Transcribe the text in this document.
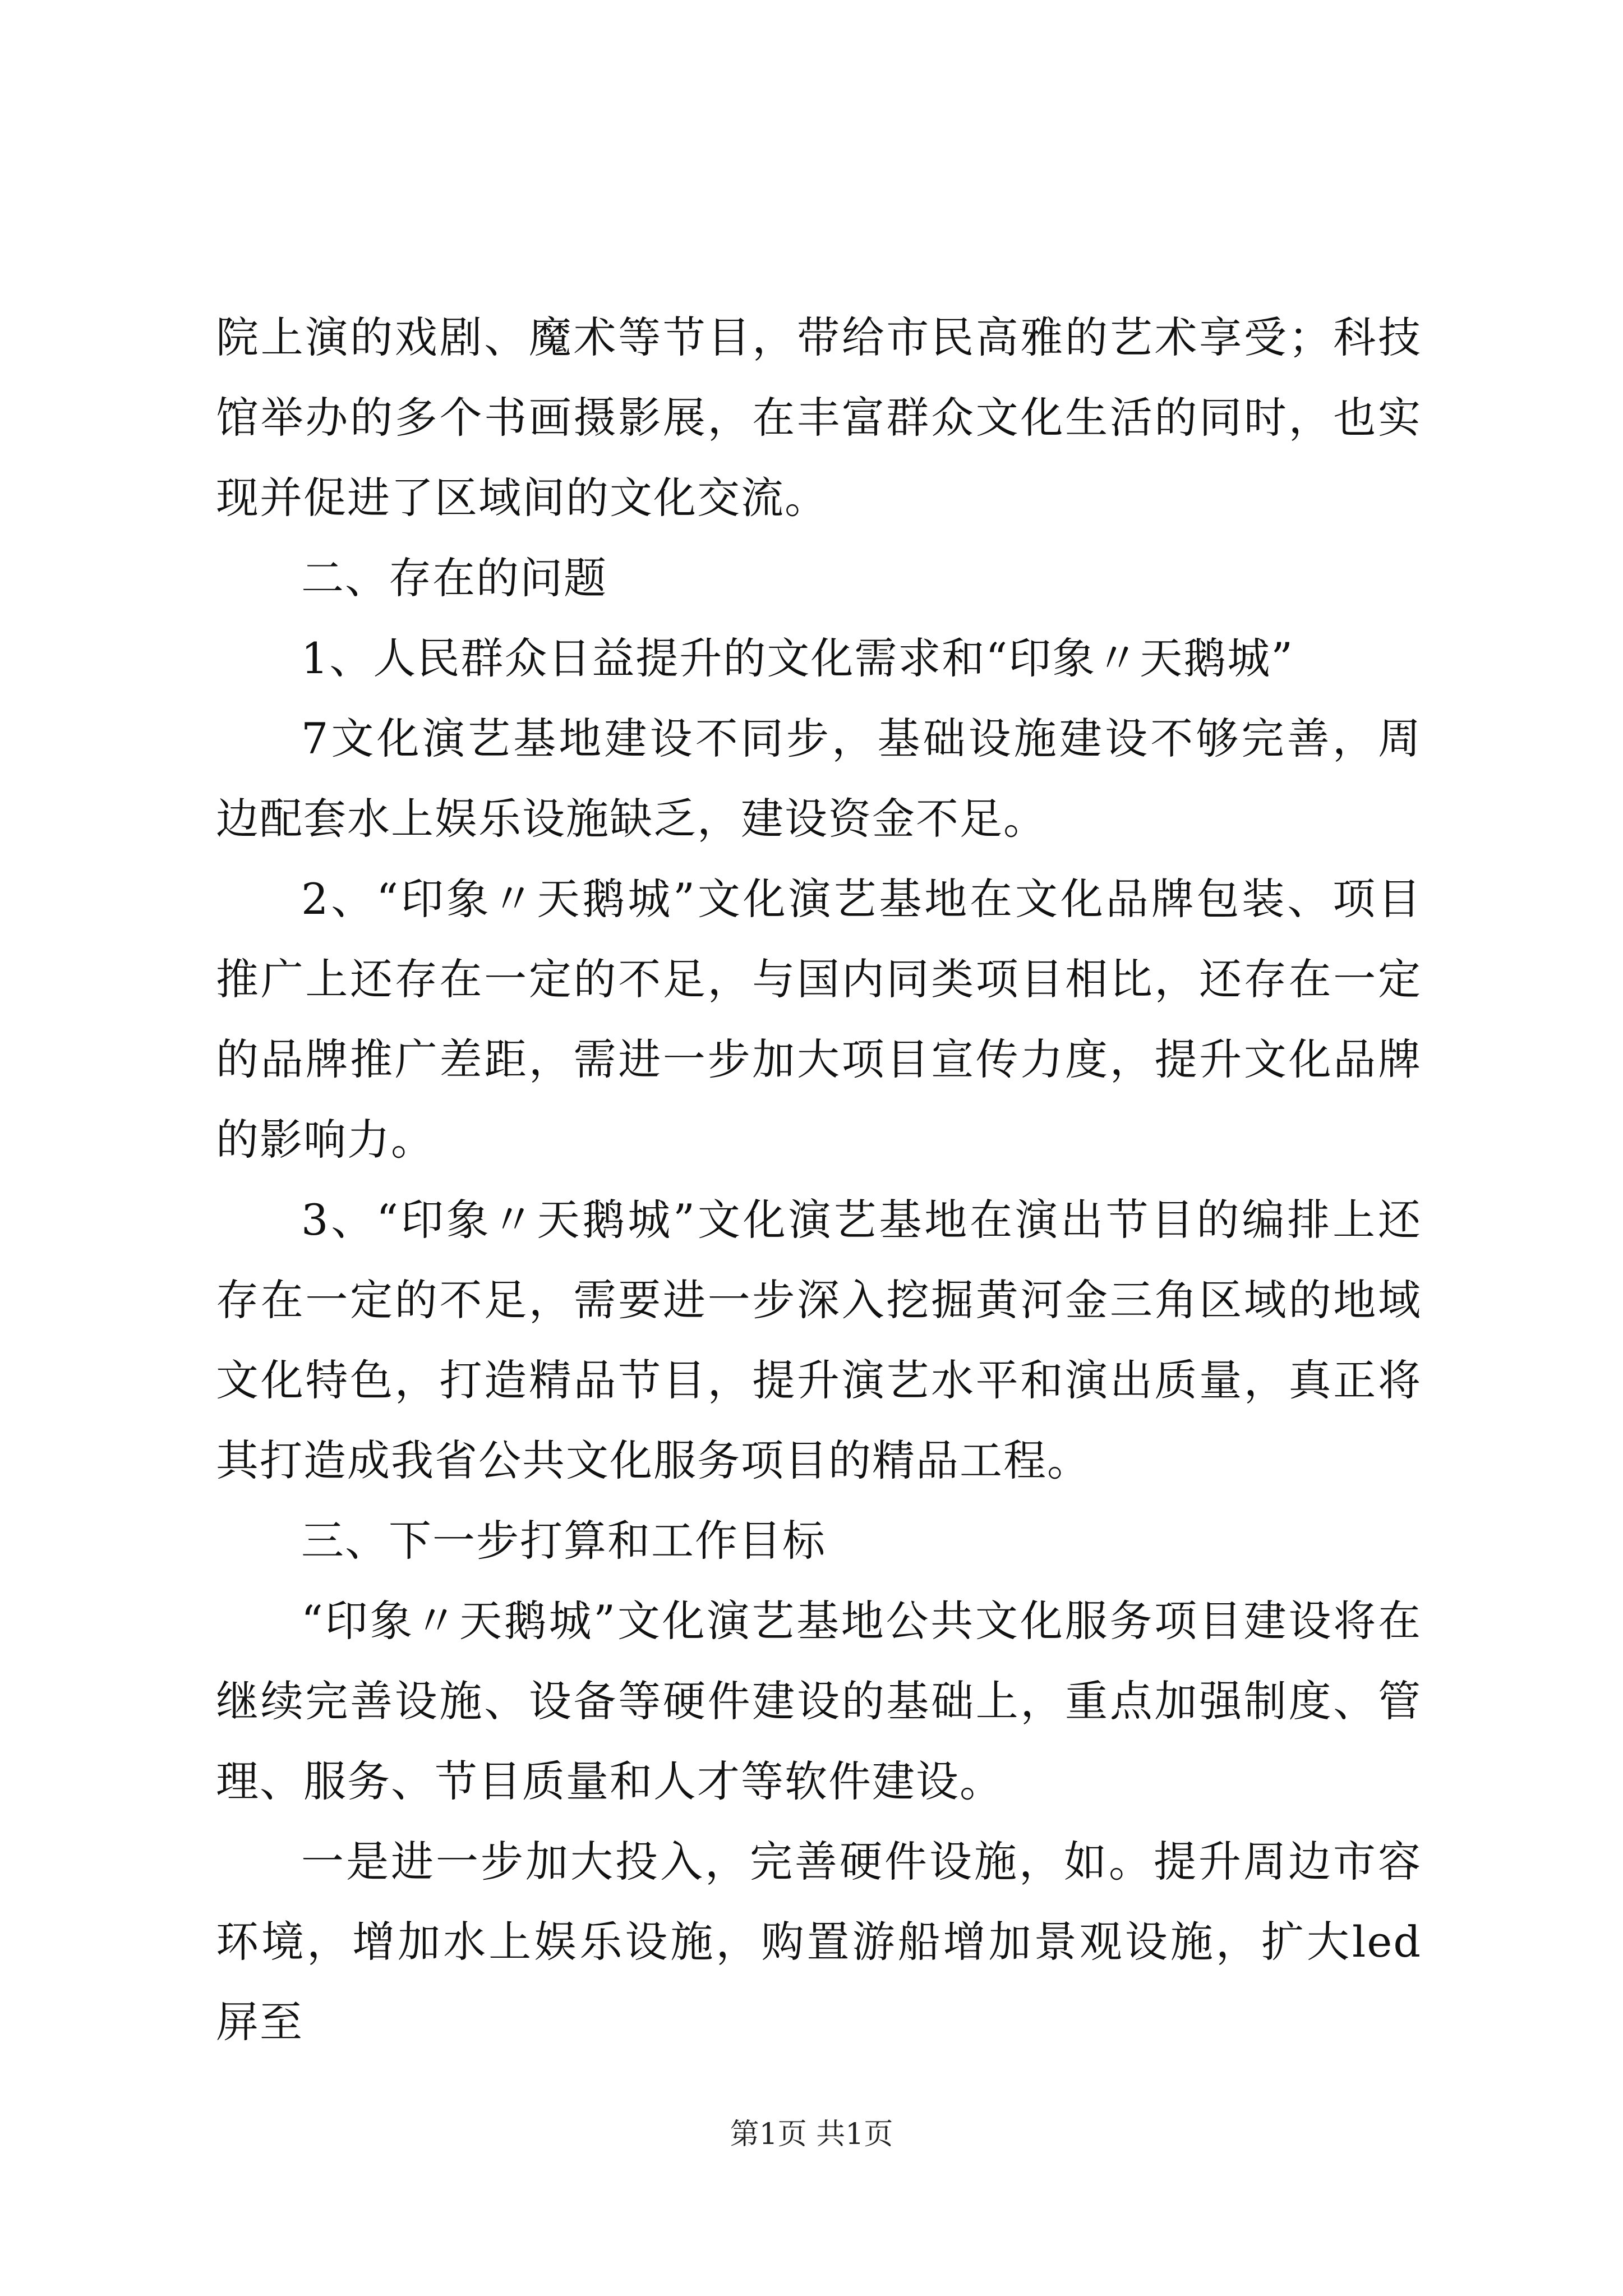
院上演的戏剧、魔术等节目，带给市民高雅的艺术享受；科技馆举办的多个书画摄影展，在丰富群众文化生活的同时，也实现并促进了区域间的文化交流。

二、存在的问题

1、人民群众日益提升的文化需求和“印象〃天鹅城”

7文化演艺基地建设不同步，基础设施建设不够完善，周边配套水上娱乐设施缺乏，建设资金不足。

2、“印象〃天鹅城”文化演艺基地在文化品牌包装、项目推广上还存在一定的不足，与国内同类项目相比，还存在一定的品牌推广差距，需进一步加大项目宣传力度，提升文化品牌的影响力。

3、“印象〃天鹅城”文化演艺基地在演出节目的编排上还存在一定的不足，需要进一步深入挖掘黄河金三角区域的地域文化特色，打造精品节目，提升演艺水平和演出质量，真正将其打造成我省公共文化服务项目的精品工程。

三、下一步打算和工作目标

“印象〃天鹅城”文化演艺基地公共文化服务项目建设将在继续完善设施、设备等硬件建设的基础上，重点加强制度、管理、服务、节目质量和人才等软件建设。

一是进一步加大投入，完善硬件设施，如。提升周边市容环境，增加水上娱乐设施，购置游船增加景观设施，扩大led屏至

第1页 共1页
